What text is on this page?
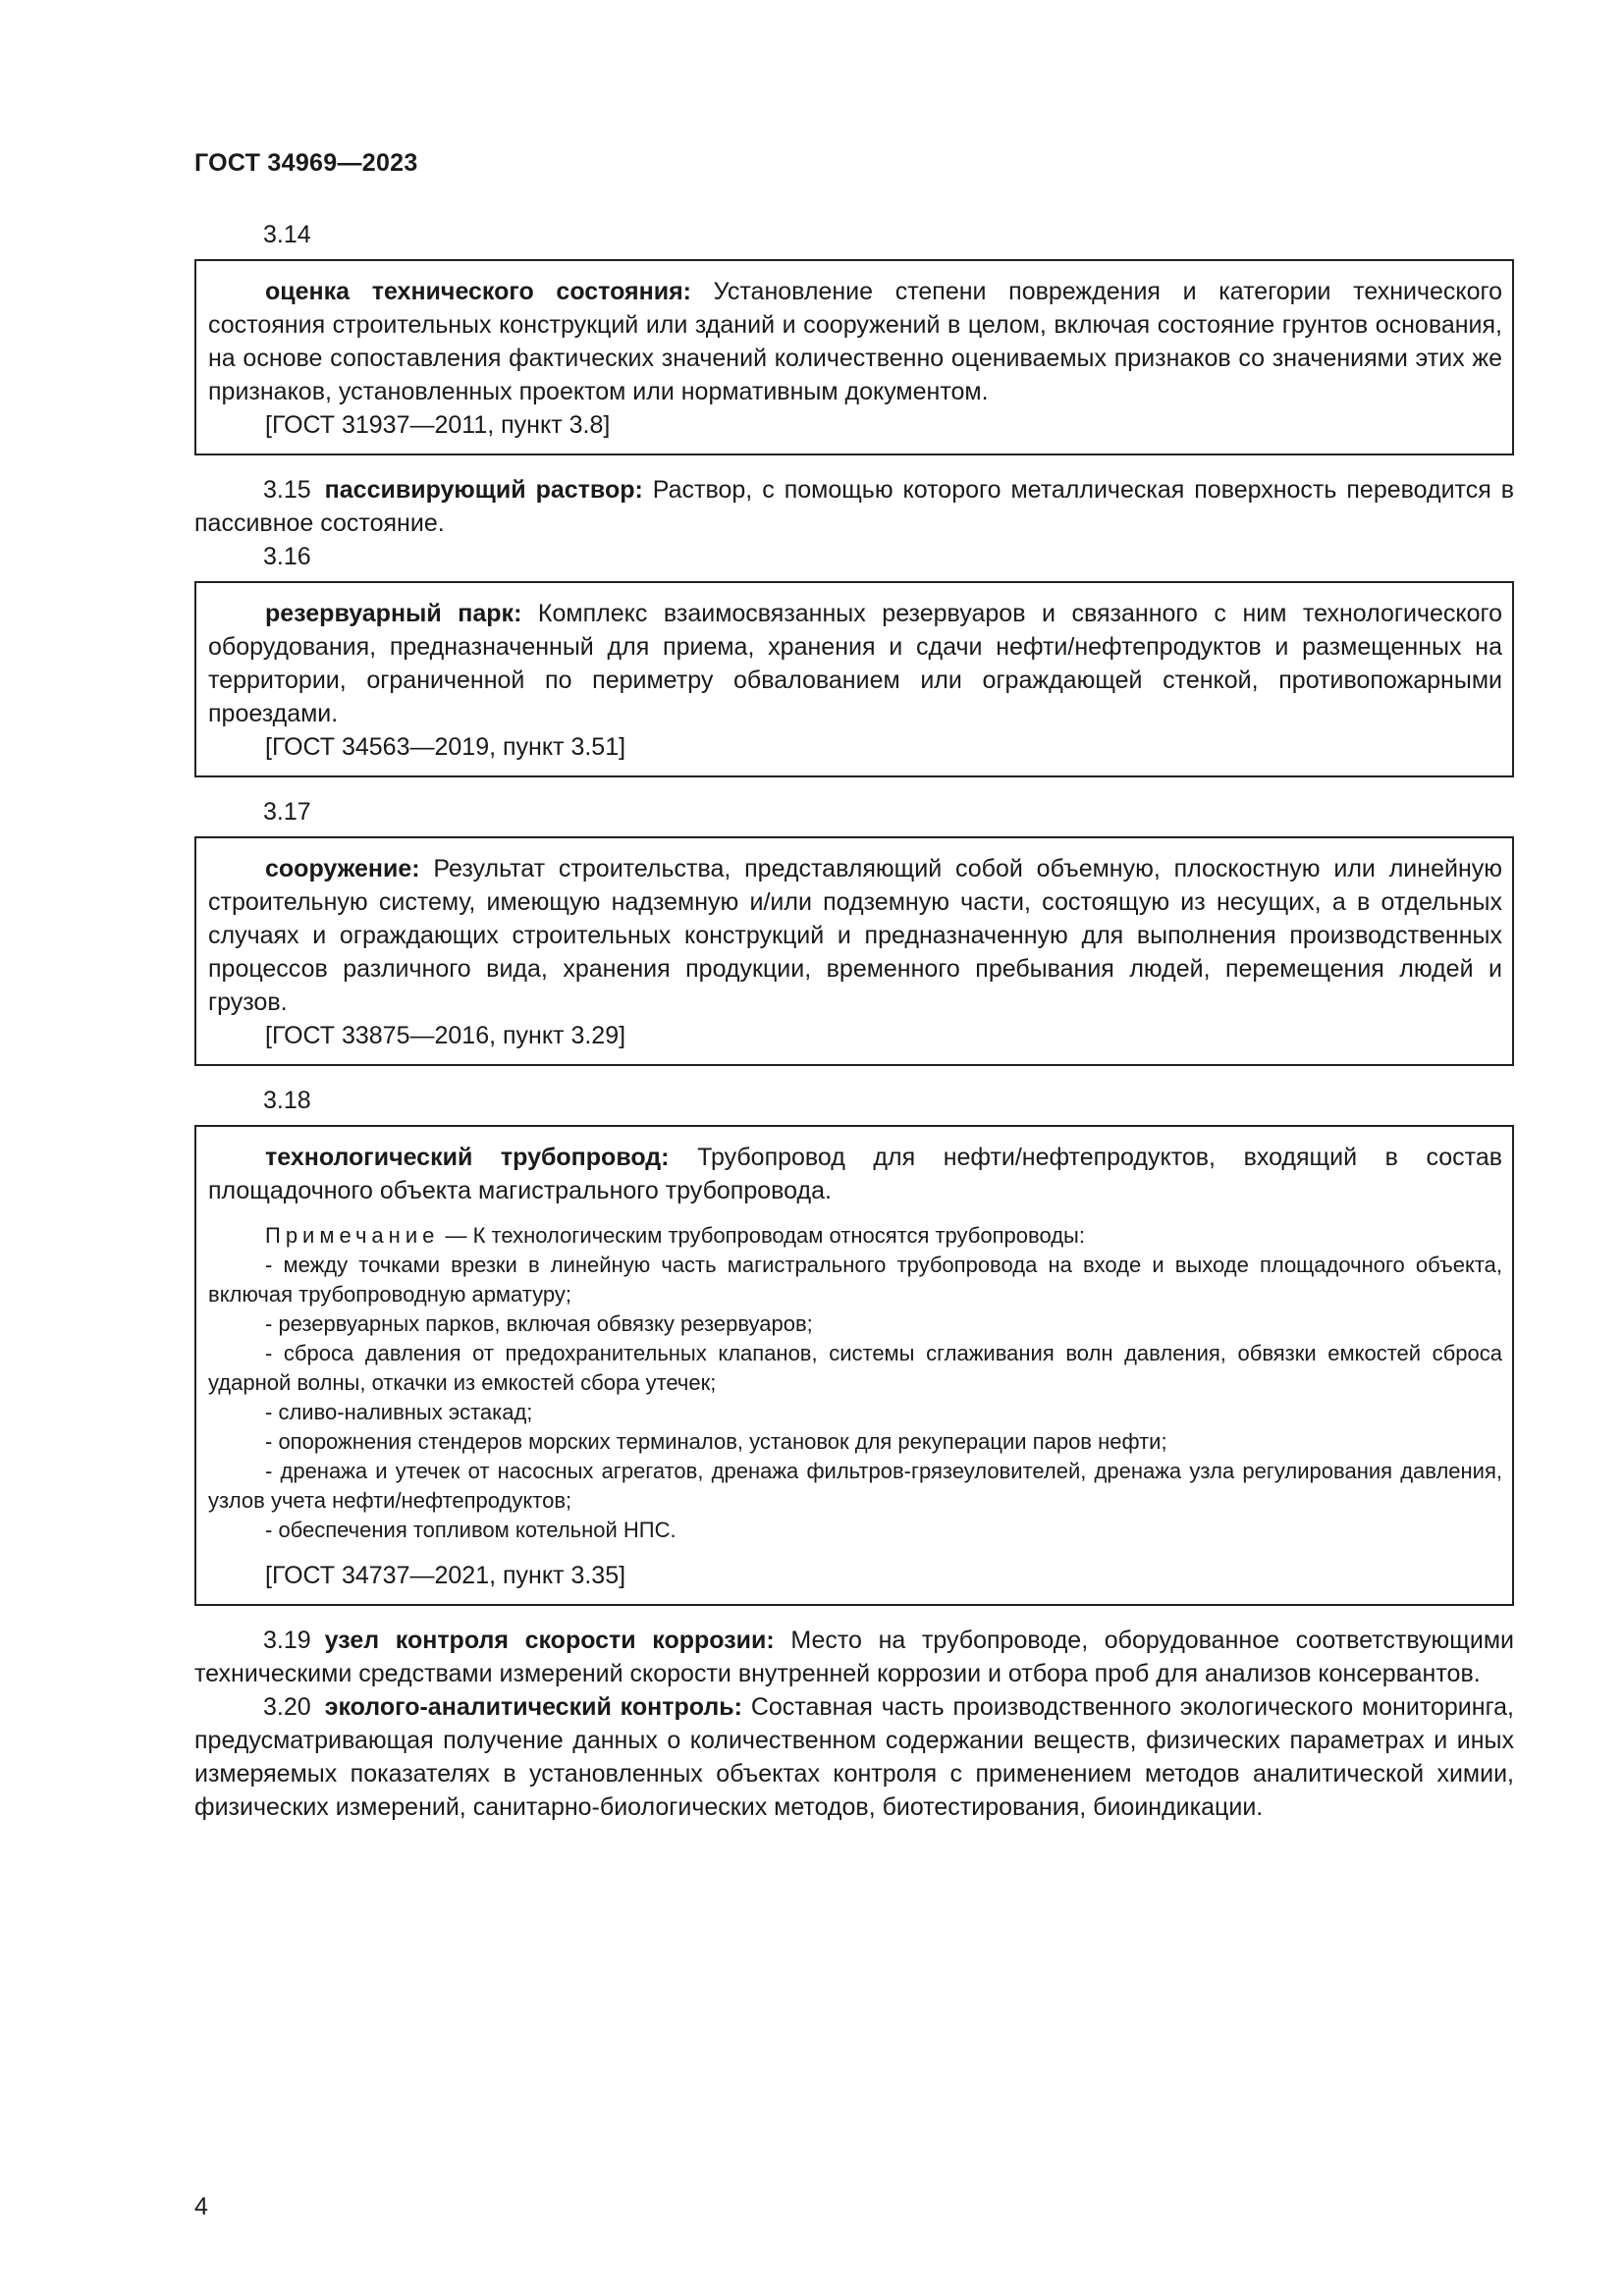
ГОСТ 34969—2023
3.14

оценка технического состояния: Установление степени повреждения и категории технического состояния строительных конструкций или зданий и сооружений в целом, включая состояние грунтов основания, на основе сопоставления фактических значений количественно оцениваемых признаков со значениями этих же признаков, установленных проектом или нормативным документом.

[ГОСТ 31937—2011, пункт 3.8]

3.15 пассивирующий раствор: Раствор, с помощью которого металлическая поверхность переводится в пассивное состояние.

3.16

резервуарный парк: Комплекс взаимосвязанных резервуаров и связанного с ним технологического оборудования, предназначенный для приема, хранения и сдачи нефти/нефтепродуктов и размещенных на территории, ограниченной по периметру обвалованием или ограждающей стенкой, противопожарными проездами.

[ГОСТ 34563—2019, пункт 3.51]

3.17

сооружение: Результат строительства, представляющий собой объемную, плоскостную или линейную строительную систему, имеющую надземную и/или подземную части, состоящую из несущих, а в отдельных случаях и ограждающих строительных конструкций и предназначенную для выполнения производственных процессов различного вида, хранения продукции, временного пребывания людей, перемещения людей и грузов.

[ГОСТ 33875—2016, пункт 3.29]

3.18

технологический трубопровод: Трубопровод для нефти/нефтепродуктов, входящий в состав площадочного объекта магистрального трубопровода.

Примечание — К технологическим трубопроводам относятся трубопроводы:

- между точками врезки в линейную часть магистрального трубопровода на входе и выходе площадочного объекта, включая трубопроводную арматуру;

- резервуарных парков, включая обвязку резервуаров;

- сброса давления от предохранительных клапанов, системы сглаживания волн давления, обвязки емкостей сброса ударной волны, откачки из емкостей сбора утечек;

- сливо-наливных эстакад;

- опорожнения стендеров морских терминалов, установок для рекуперации паров нефти;

- дренажа и утечек от насосных агрегатов, дренажа фильтров-грязеуловителей, дренажа узла регулирования давления, узлов учета нефти/нефтепродуктов;

- обеспечения топливом котельной НПС.

[ГОСТ 34737—2021, пункт 3.35]

3.19 узел контроля скорости коррозии: Место на трубопроводе, оборудованное соответствующими техническими средствами измерений скорости внутренней коррозии и отбора проб для анализов консервантов.

3.20 эколого-аналитический контроль: Составная часть производственного экологического мониторинга, предусматривающая получение данных о количественном содержании веществ, физических параметрах и иных измеряемых показателях в установленных объектах контроля с применением методов аналитической химии, физических измерений, санитарно-биологических методов, биотестирования, биоиндикации.

4
